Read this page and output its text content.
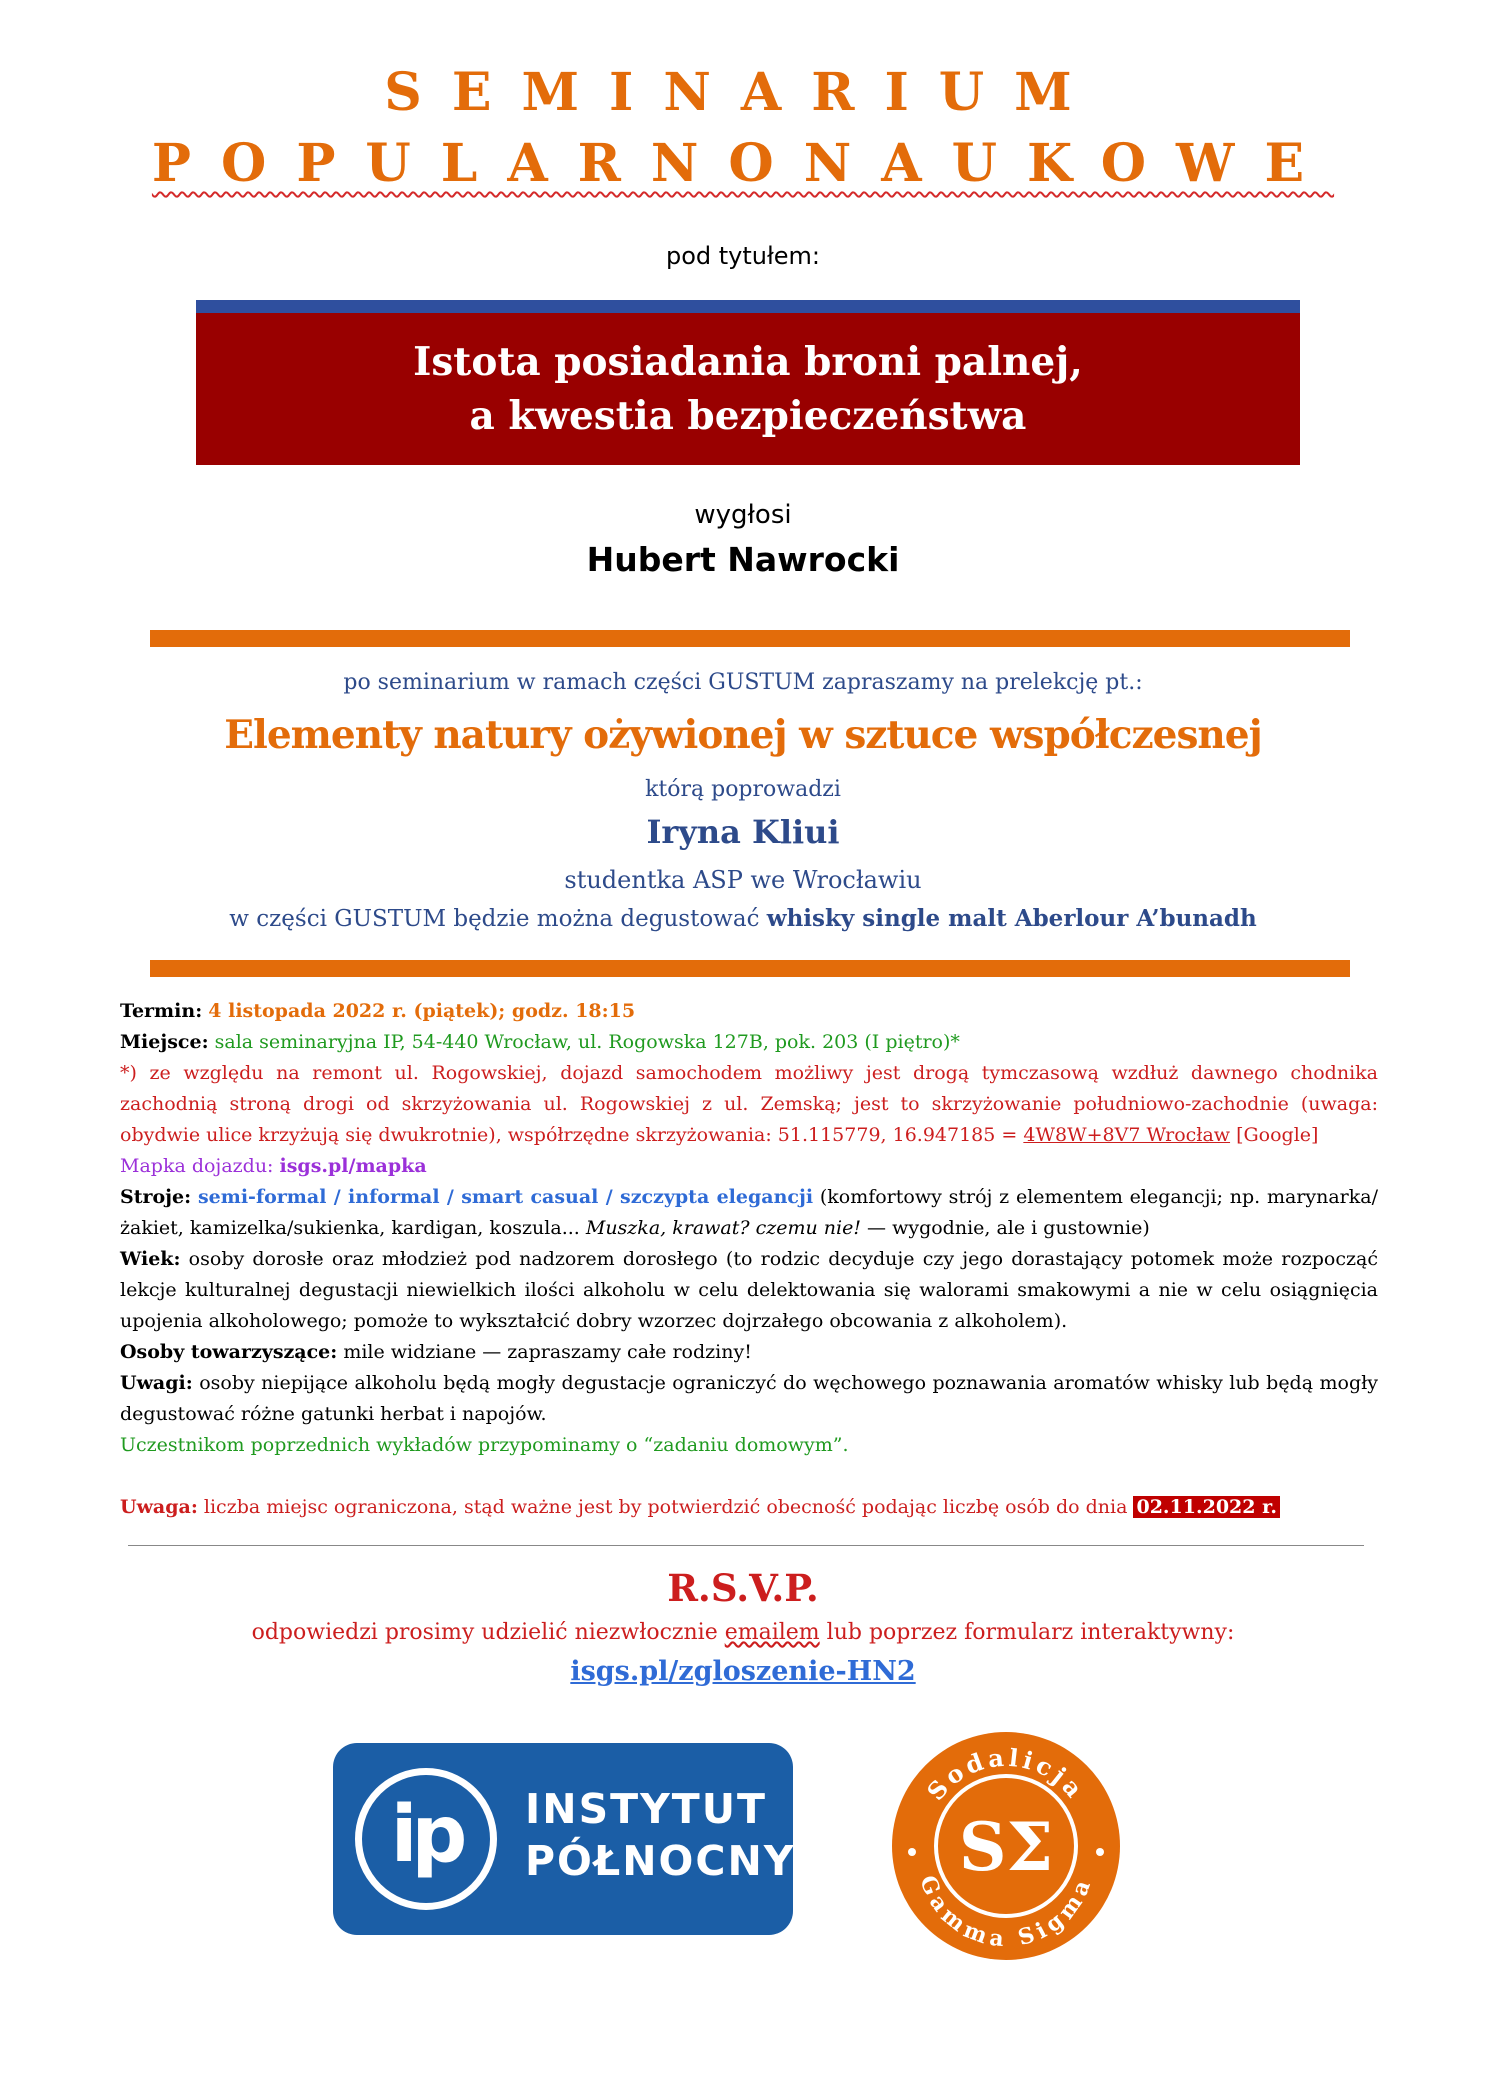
SEMINARIUM
POPULARNONAUKOWE
pod tytułem:
Istota posiadania broni palnej,
a kwestia bezpieczeństwa
wygłosi
Hubert Nawrocki
po seminarium w ramach części GUSTUM zapraszamy na prelekcję pt.:
Elementy natury ożywionej w sztuce współczesnej
którą poprowadzi
Iryna Kliui
studentka ASP we Wrocławiu
w części GUSTUM będzie można degustować whisky single malt Aberlour A’bunadh

Termin: 4 listopada 2022 r. (piątek); godz. 18:15

Miejsce: sala seminaryjna IP, 54-440 Wrocław, ul. Rogowska 127B, pok. 203 (I piętro)*

*) ze względu na remont ul. Rogowskiej, dojazd samochodem możliwy jest drogą tymczasową wzdłuż dawnego chodnika zachodnią stroną drogi od skrzyżowania ul. Rogowskiej z ul. Zemską; jest to skrzyżowanie południowo-zachodnie (uwaga: obydwie ulice krzyżują się dwukrotnie), współrzędne skrzyżowania: 51.115779, 16.947185 = 4W8W+8V7 Wrocław [Google]

Mapka dojazdu: isgs.pl/mapka

Stroje: semi-formal / informal / smart casual / szczypta elegancji (komfortowy strój z elementem elegancji; np. marynarka/żakiet, kamizelka/sukienka, kardigan, koszula... Muszka, krawat? czemu nie! — wygodnie, ale i gustownie)

Wiek: osoby dorosłe oraz młodzież pod nadzorem dorosłego (to rodzic decyduje czy jego dorastający potomek może rozpocząć lekcje kulturalnej degustacji niewielkich ilości alkoholu w celu delektowania się walorami smakowymi a nie w celu osiągnięcia upojenia alkoholowego; pomoże to wykształcić dobry wzorzec dojrzałego obcowania z alkoholem).

Osoby towarzyszące: mile widziane — zapraszamy całe rodziny!

Uwagi: osoby niepijące alkoholu będą mogły degustacje ograniczyć do węchowego poznawania aromatów whisky lub będą mogły degustować różne gatunki herbat i napojów.

Uczestnikom poprzednich wykładów przypominamy o “zadaniu domowym”.

Uwaga: liczba miejsc ograniczona, stąd ważne jest by potwierdzić obecność podając liczbę osób do dnia 02.11.2022 r.

R.S.V.P.
odpowiedzi prosimy udzielić niezwłocznie emailem lub poprzez formularz interaktywny:
isgs.pl/zgloszenie-HN2
ip	INSTYTUT
PÓŁNOCNY
Sodalicja
Gamma Sigma
SΣ
